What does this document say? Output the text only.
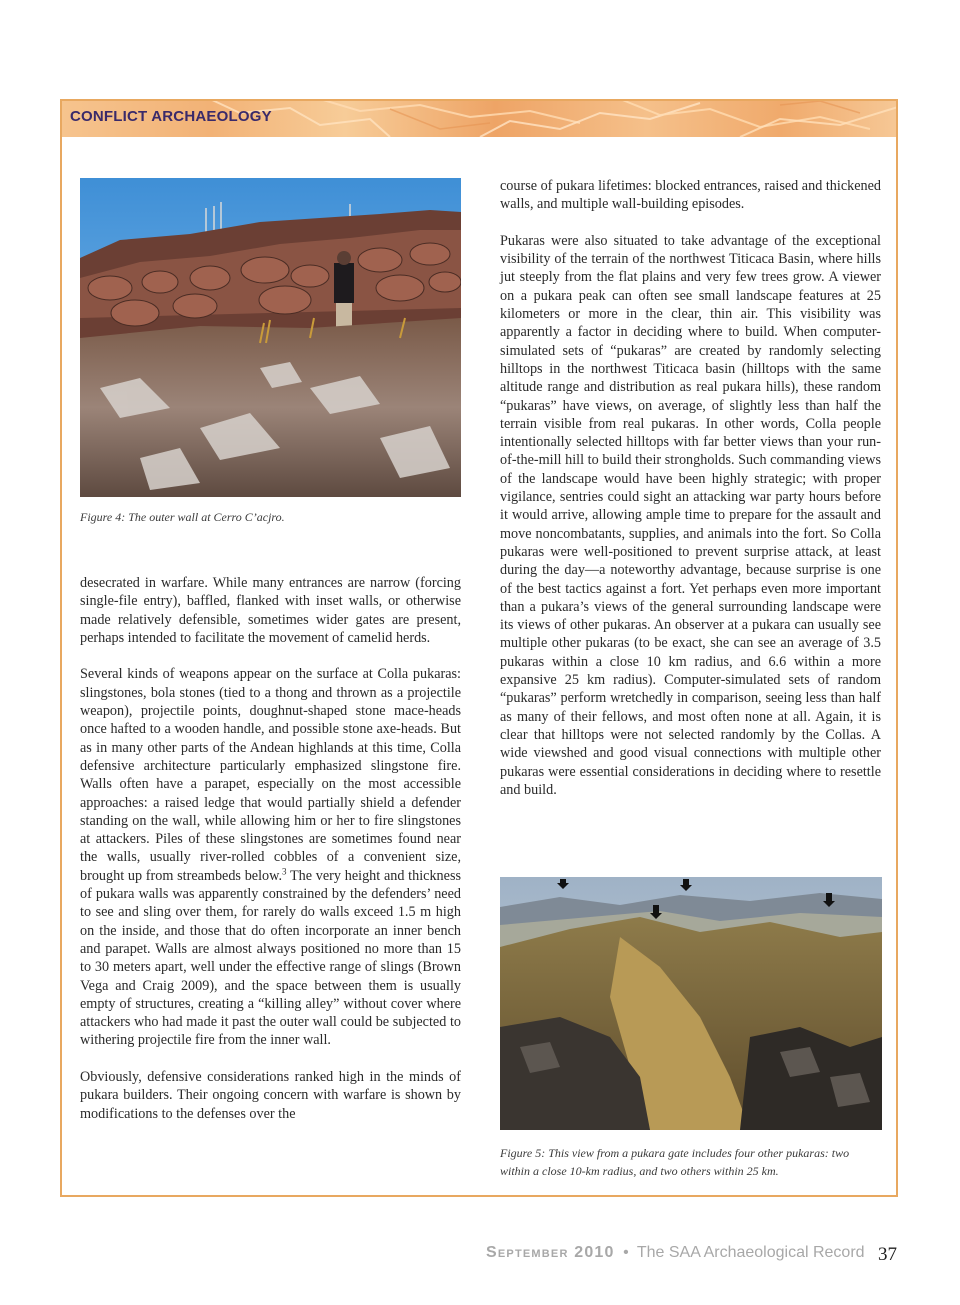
CONFLICT ARCHAEOLOGY

Figure 4: The outer wall at Cerro C’acjro.

desecrated in warfare. While many entrances are narrow (forcing single-file entry), baffled, flanked with inset walls, or otherwise made relatively defensible, sometimes wider gates are present, perhaps intended to facilitate the movement of camelid herds.

Several kinds of weapons appear on the surface at Colla pukaras: slingstones, bola stones (tied to a thong and thrown as a projectile weapon), projectile points, doughnut-shaped stone mace-heads once hafted to a wooden handle, and possible stone axe-heads. But as in many other parts of the Andean highlands at this time, Colla defensive architecture particularly emphasized slingstone fire. Walls often have a parapet, especially on the most accessible approaches: a raised ledge that would partially shield a defender standing on the wall, while allowing him or her to fire slingstones at attackers. Piles of these slingstones are sometimes found near the walls, usually river-rolled cobbles of a convenient size, brought up from streambeds below.$^3$ The very height and thickness of pukara walls was apparently constrained by the defenders’ need to see and sling over them, for rarely do walls exceed 1.5 m high on the inside, and those that do often incorporate an inner bench and parapet. Walls are almost always positioned no more than 15 to 30 meters apart, well under the effective range of slings (Brown Vega and Craig 2009), and the space between them is usually empty of structures, creating a “killing alley” without cover where attackers who had made it past the outer wall could be subjected to withering projectile fire from the inner wall.

Obviously, defensive considerations ranked high in the minds of pukara builders. Their ongoing concern with warfare is shown by modifications to the defenses over the

course of pukara lifetimes: blocked entrances, raised and thickened walls, and multiple wall-building episodes.

Pukaras were also situated to take advantage of the exceptional visibility of the terrain of the northwest Titicaca Basin, where hills jut steeply from the flat plains and very few trees grow. A viewer on a pukara peak can often see small landscape features at 25 kilometers or more in the clear, thin air. This visibility was apparently a factor in deciding where to build. When computer-simulated sets of “pukaras” are created by randomly selecting hilltops in the northwest Titicaca basin (hilltops with the same altitude range and distribution as real pukara hills), these random “pukaras” have views, on average, of slightly less than half the terrain visible from real pukaras. In other words, Colla people intentionally selected hilltops with far better views than your run-of-the-mill hill to build their strongholds. Such commanding views of the landscape would have been highly strategic; with proper vigilance, sentries could sight an attacking war party hours before it would arrive, allowing ample time to prepare for the assault and move noncombatants, supplies, and animals into the fort. So Colla pukaras were well-positioned to prevent surprise attack, at least during the day—a noteworthy advantage, because surprise is one of the best tactics against a fort. Yet perhaps even more important than a pukara’s views of the general surrounding landscape were its views of other pukaras. An observer at a pukara can usually see multiple other pukaras (to be exact, she can see an average of 3.5 pukaras within a close 10 km radius, and 6.6 within a more expansive 25 km radius). Computer-simulated sets of random “pukaras” perform wretchedly in comparison, seeing less than half as many of their fellows, and most often none at all. Again, it is clear that hilltops were not selected randomly by the Collas. A wide viewshed and good visual connections with multiple other pukaras were essential considerations in deciding where to resettle and build.

Figure 5: This view from a pukara gate includes four other pukaras: two within a close 10-km radius, and two others within 25 km.

September 2010 • The SAA Archaeological Record 37
